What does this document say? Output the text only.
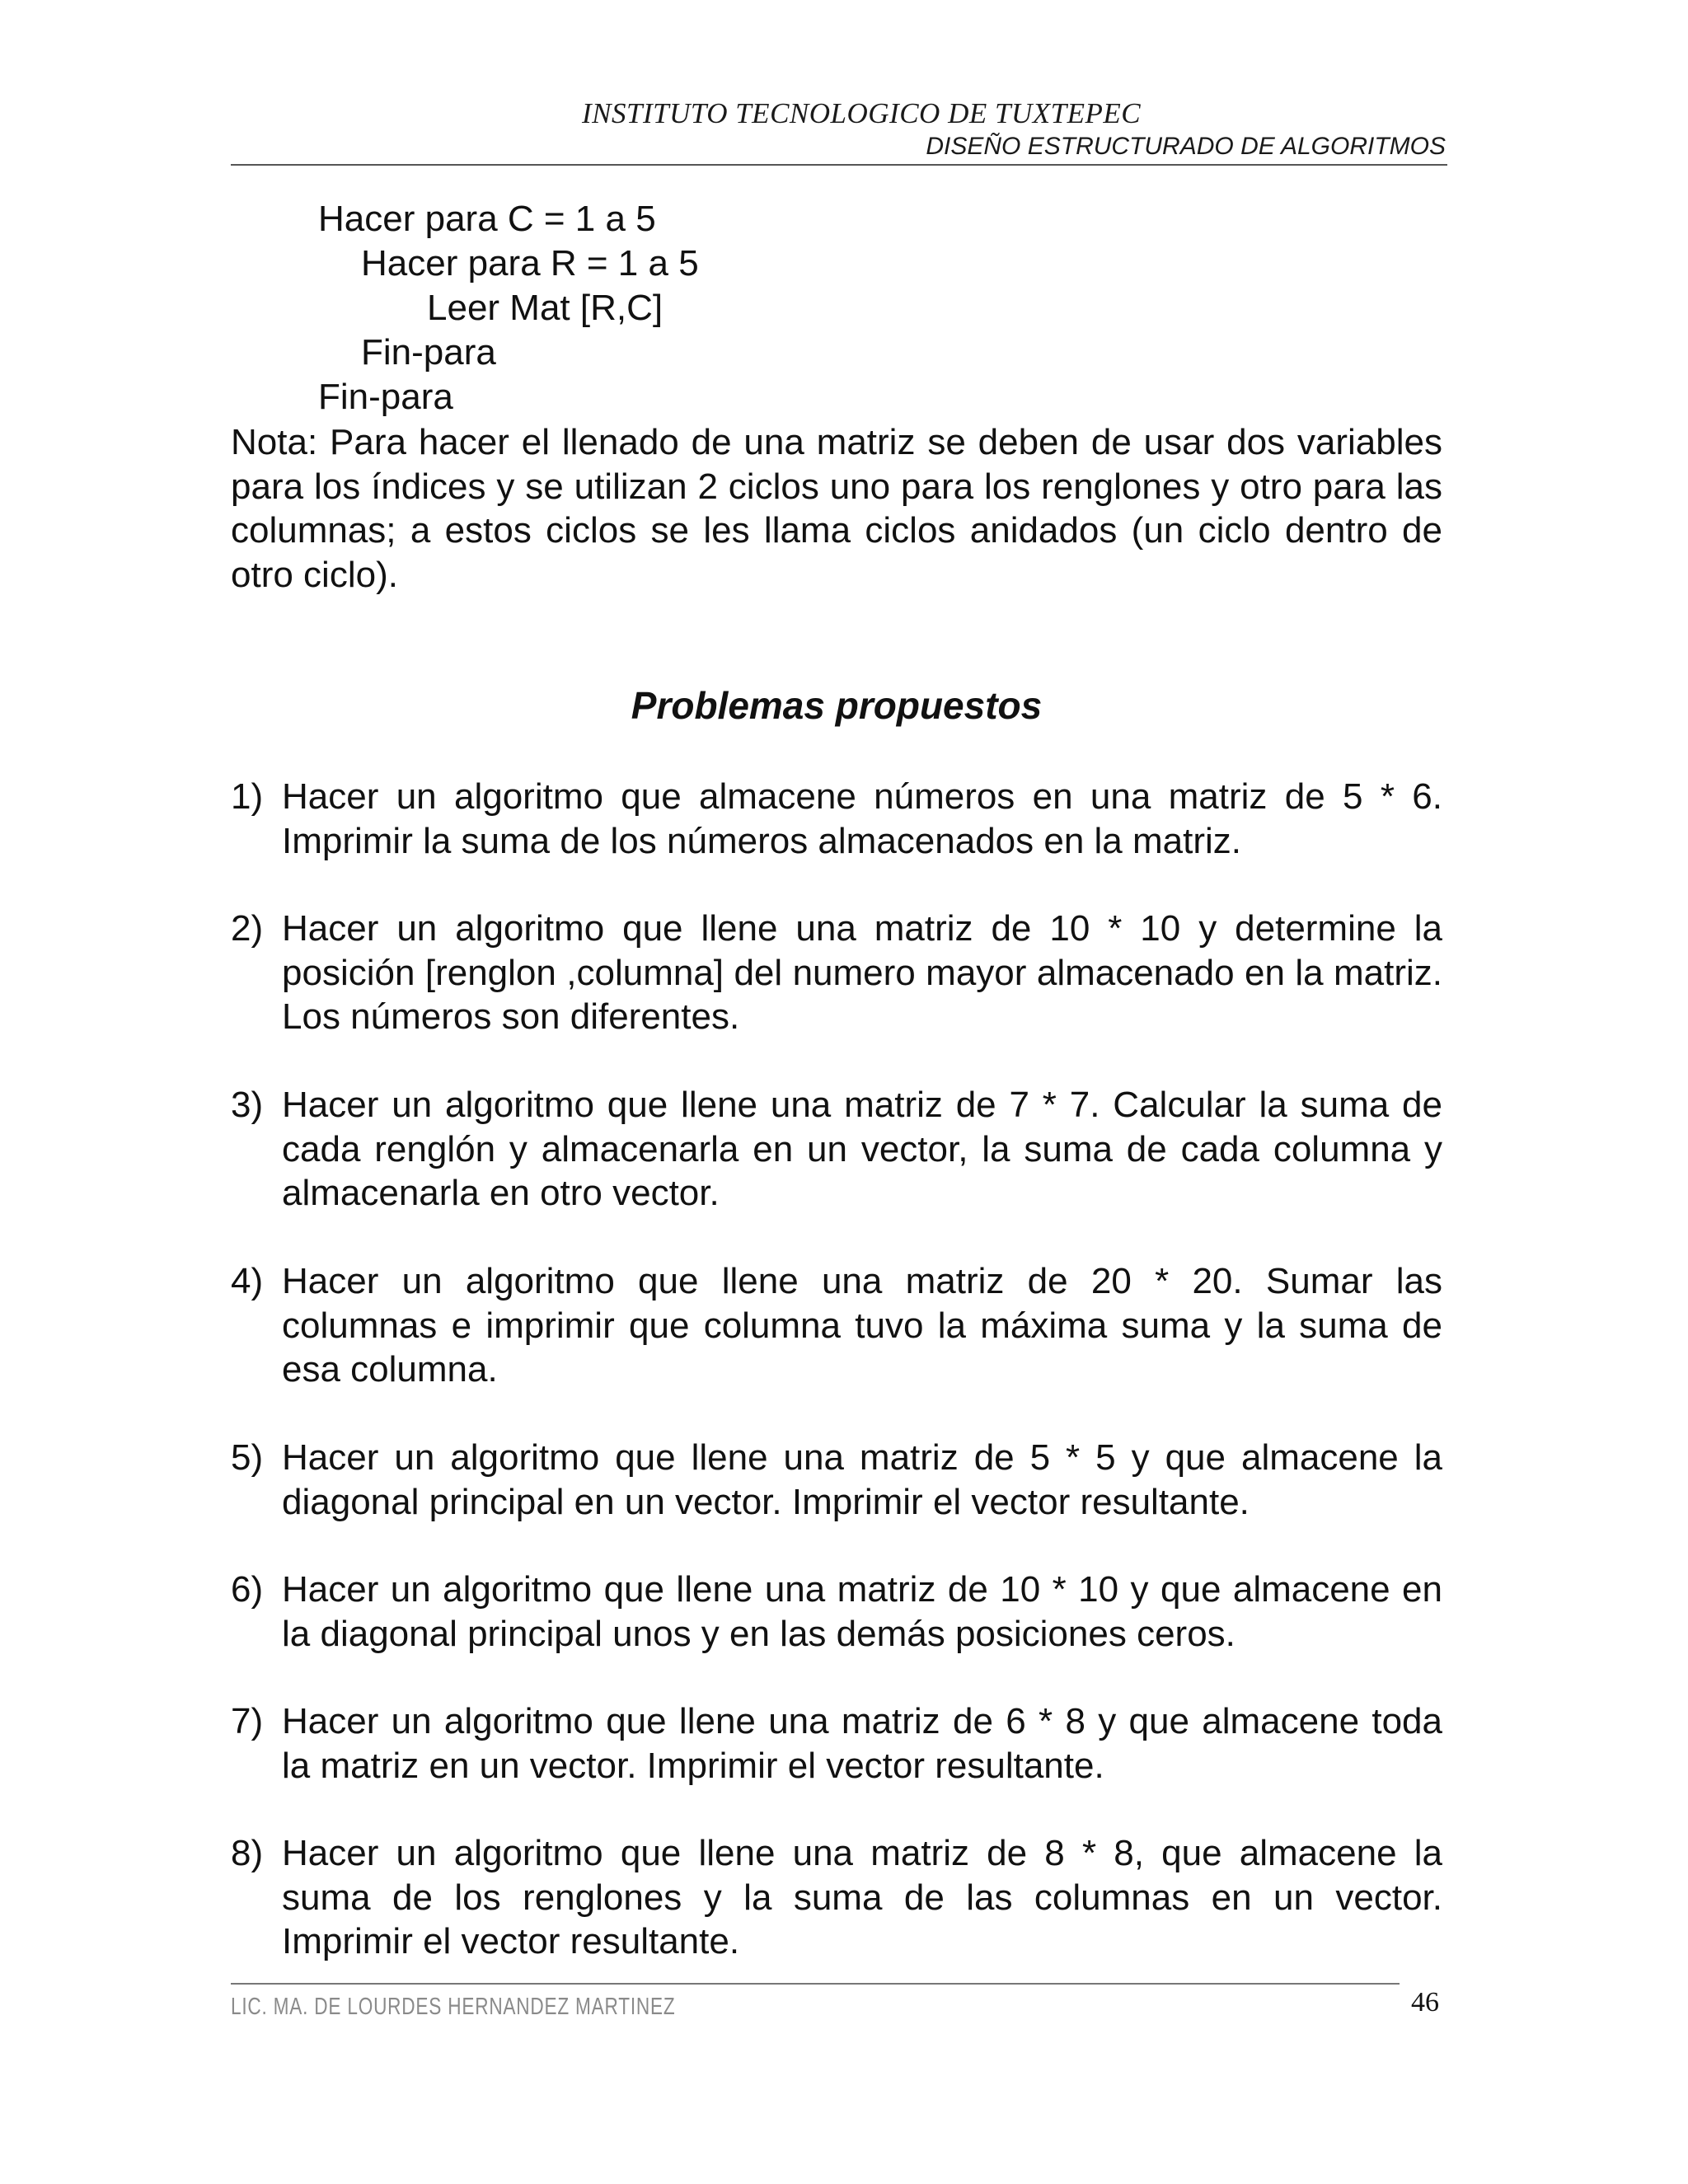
INSTITUTO TECNOLOGICO DE TUXTEPEC
DISEÑO ESTRUCTURADO DE ALGORITMOS
Hacer para C = 1 a 5
Hacer para R = 1 a 5
Leer Mat [R,C]
Fin-para
Fin-para
Nota: Para hacer el llenado de una matriz se deben de usar dos variables para los índices y se utilizan 2 ciclos uno para los renglones y otro para las columnas; a estos ciclos se les llama ciclos anidados (un ciclo dentro de otro ciclo).
Problemas propuestos
1) Hacer un algoritmo que almacene números en una matriz de 5 * 6. Imprimir la suma de los números almacenados en la matriz.
2) Hacer un algoritmo que llene una matriz de 10 * 10 y determine la posición [renglon ,columna] del numero mayor almacenado en la matriz. Los números son diferentes.
3) Hacer un algoritmo que llene una matriz de 7 * 7. Calcular la suma de cada renglón y almacenarla en un vector, la suma de cada columna y almacenarla en otro vector.
4) Hacer un algoritmo que llene una matriz de 20 * 20. Sumar las columnas e imprimir que columna tuvo la máxima suma y la suma de esa columna.
5) Hacer un algoritmo que llene una matriz de 5 * 5 y que almacene la diagonal principal en un vector. Imprimir el vector resultante.
6) Hacer un algoritmo que llene una matriz de 10 * 10 y que almacene en la diagonal principal unos y en las demás posiciones ceros.
7) Hacer un algoritmo que llene una matriz de 6 * 8 y que almacene toda la matriz en un vector. Imprimir el vector resultante.
8) Hacer un algoritmo que llene una matriz de 8 * 8, que almacene la suma de los renglones y la suma de las columnas en un vector. Imprimir el vector resultante.
LIC. MA. DE LOURDES HERNANDEZ MARTINEZ	46
